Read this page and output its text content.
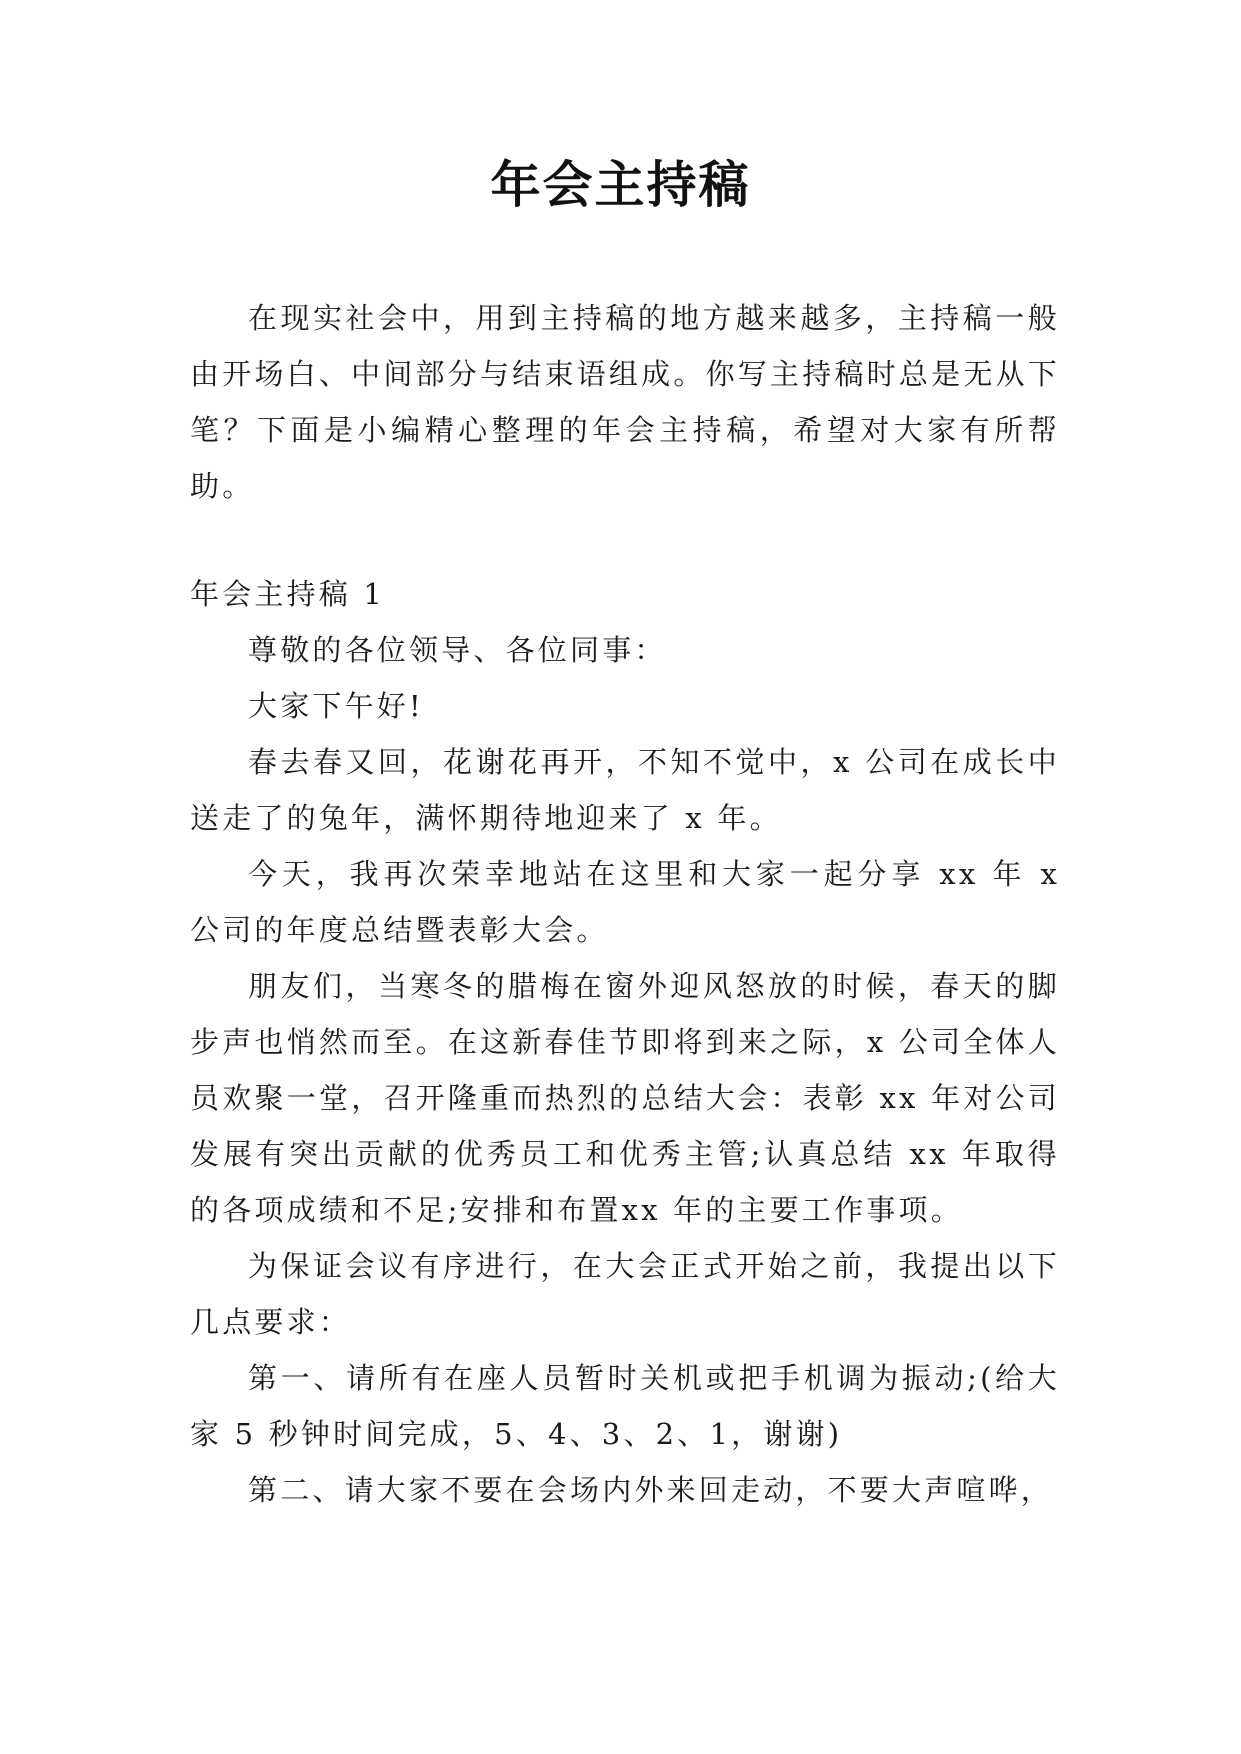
年会主持稿

在现实社会中，用到主持稿的地方越来越多，主持稿一般由开场白、中间部分与结束语组成。你写主持稿时总是无从下笔？下面是小编精心整理的年会主持稿，希望对大家有所帮助。

年会主持稿 1

尊敬的各位领导、各位同事：

大家下午好!

春去春又回，花谢花再开，不知不觉中，x 公司在成长中送走了的兔年，满怀期待地迎来了 x 年。

今天，我再次荣幸地站在这里和大家一起分享 xx 年 x 公司的年度总结暨表彰大会。

朋友们，当寒冬的腊梅在窗外迎风怒放的时候，春天的脚步声也悄然而至。在这新春佳节即将到来之际，x 公司全体人员欢聚一堂，召开隆重而热烈的总结大会：表彰 xx 年对公司发展有突出贡献的优秀员工和优秀主管;认真总结 xx 年取得的各项成绩和不足;安排和布置xx 年的主要工作事项。

为保证会议有序进行，在大会正式开始之前，我提出以下几点要求：

第一、请所有在座人员暂时关机或把手机调为振动;(给大家 5 秒钟时间完成，5、4、3、2、1，谢谢)

第二、请大家不要在会场内外来回走动，不要大声喧哗，
